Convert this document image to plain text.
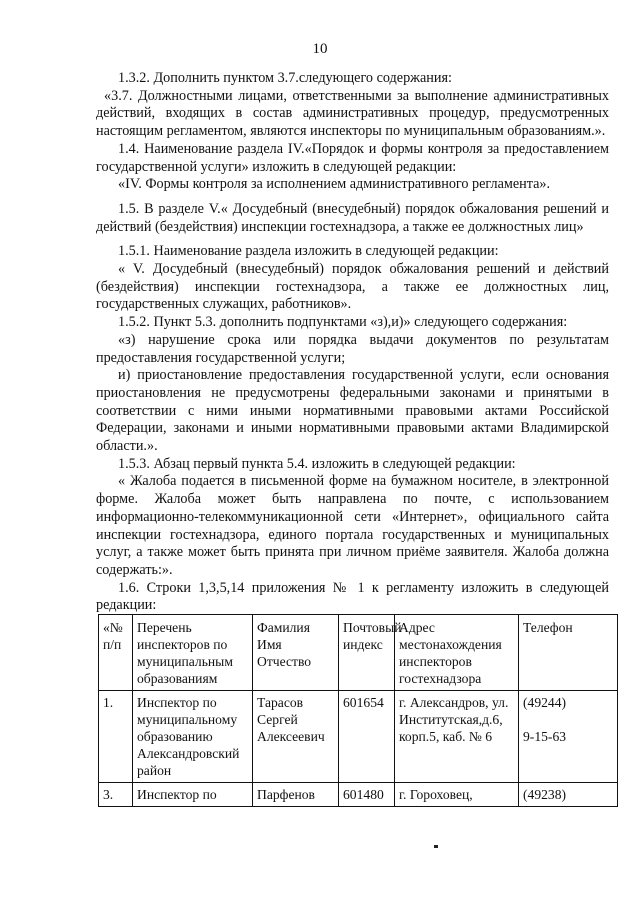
10

1.3.2. Дополнить пунктом 3.7.следующего содержания:

«3.7. Должностными лицами, ответственными за выполнение административных действий, входящих в состав административных процедур, предусмотренных настоящим регламентом, являются инспекторы по муниципальным образованиям.».

1.4. Наименование раздела IV.«Порядок и формы контроля за предоставлением государственной услуги» изложить в следующей редакции:

«IV. Формы контроля за исполнением административного регламента».

1.5. В разделе V.« Досудебный (внесудебный) порядок обжалования решений и действий (бездействия) инспекции гостехнадзора, а также ее должностных лиц»

1.5.1. Наименование раздела изложить в следующей редакции:

« V. Досудебный (внесудебный) порядок обжалования решений и действий (бездействия) инспекции гостехнадзора, а также ее должностных лиц, государственных служащих, работников».

1.5.2. Пункт 5.3. дополнить подпунктами «з),и)» следующего содержания:

«з) нарушение срока или порядка выдачи документов по результатам предоставления государственной услуги;

и) приостановление предоставления государственной услуги, если основания приостановления не предусмотрены федеральными законами и принятыми в соответствии с ними иными нормативными правовыми актами Российской Федерации, законами и иными нормативными правовыми актами Владимирской области.».

1.5.3. Абзац первый пункта 5.4. изложить в следующей редакции:

« Жалоба подается в письменной форме на бумажном носителе, в электронной форме. Жалоба может быть направлена по почте, с использованием информационно-телекоммуникационной сети «Интернет», официального сайта инспекции гостехнадзора, единого портала государственных и муниципальных услуг, а также может быть принята при личном приёме заявителя. Жалоба должна содержать:».

1.6. Строки 1,3,5,14 приложения № 1 к регламенту изложить в следующей редакции:

«№ п/п	Перечень инспекторов по муниципальным образованиям	Фамилия Имя Отчество	Почтовый индекс	Адрес местонахождения инспекторов гостехнадзора	Телефон
1.	Инспектор по муниципальному образованию Александровский район	Тарасов Сергей Алексеевич	601654	г. Александров, ул. Институтская,д.6, корп.5, каб. № 6	(49244)
9-15-63

3.	Инспектор по	Парфенов	601480	г. Гороховец,	(49238)
